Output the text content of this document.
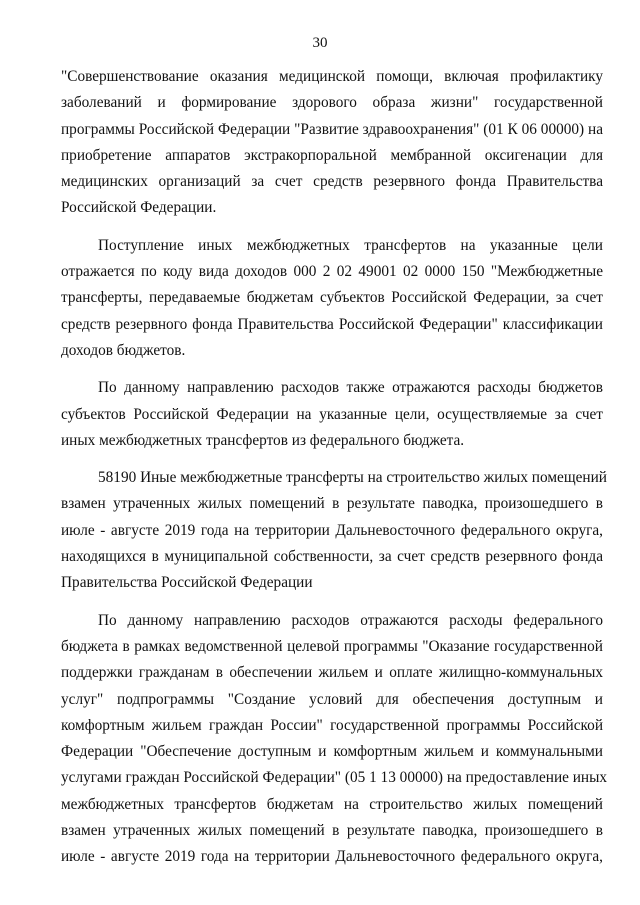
30

"Совершенствование оказания медицинской помощи, включая профилактику
заболеваний и формирование здорового образа жизни" государственной
программы Российской Федерации "Развитие здравоохранения" (01 К 06 00000) на
приобретение аппаратов экстракорпоральной мембранной оксигенации для
медицинских организаций за счет средств резервного фонда Правительства
Российской Федерации.

Поступление иных межбюджетных трансфертов на указанные цели
отражается по коду вида доходов 000 2 02 49001 02 0000 150 "Межбюджетные
трансферты, передаваемые бюджетам субъектов Российской Федерации, за счет
средств резервного фонда Правительства Российской Федерации" классификации
доходов бюджетов.

По данному направлению расходов также отражаются расходы бюджетов
субъектов Российской Федерации на указанные цели, осуществляемые за счет
иных межбюджетных трансфертов из федерального бюджета.

58190 Иные межбюджетные трансферты на строительство жилых помещений
взамен утраченных жилых помещений в результате паводка, произошедшего в
июле - августе 2019 года на территории Дальневосточного федерального округа,
находящихся в муниципальной собственности, за счет средств резервного фонда
Правительства Российской Федерации

По данному направлению расходов отражаются расходы федерального
бюджета в рамках ведомственной целевой программы "Оказание государственной
поддержки гражданам в обеспечении жильем и оплате жилищно-коммунальных
услуг" подпрограммы "Создание условий для обеспечения доступным и
комфортным жильем граждан России" государственной программы Российской
Федерации "Обеспечение доступным и комфортным жильем и коммунальными
услугами граждан Российской Федерации" (05 1 13 00000) на предоставление иных
межбюджетных трансфертов бюджетам на строительство жилых помещений
взамен утраченных жилых помещений в результате паводка, произошедшего в
июле - августе 2019 года на территории Дальневосточного федерального округа,
